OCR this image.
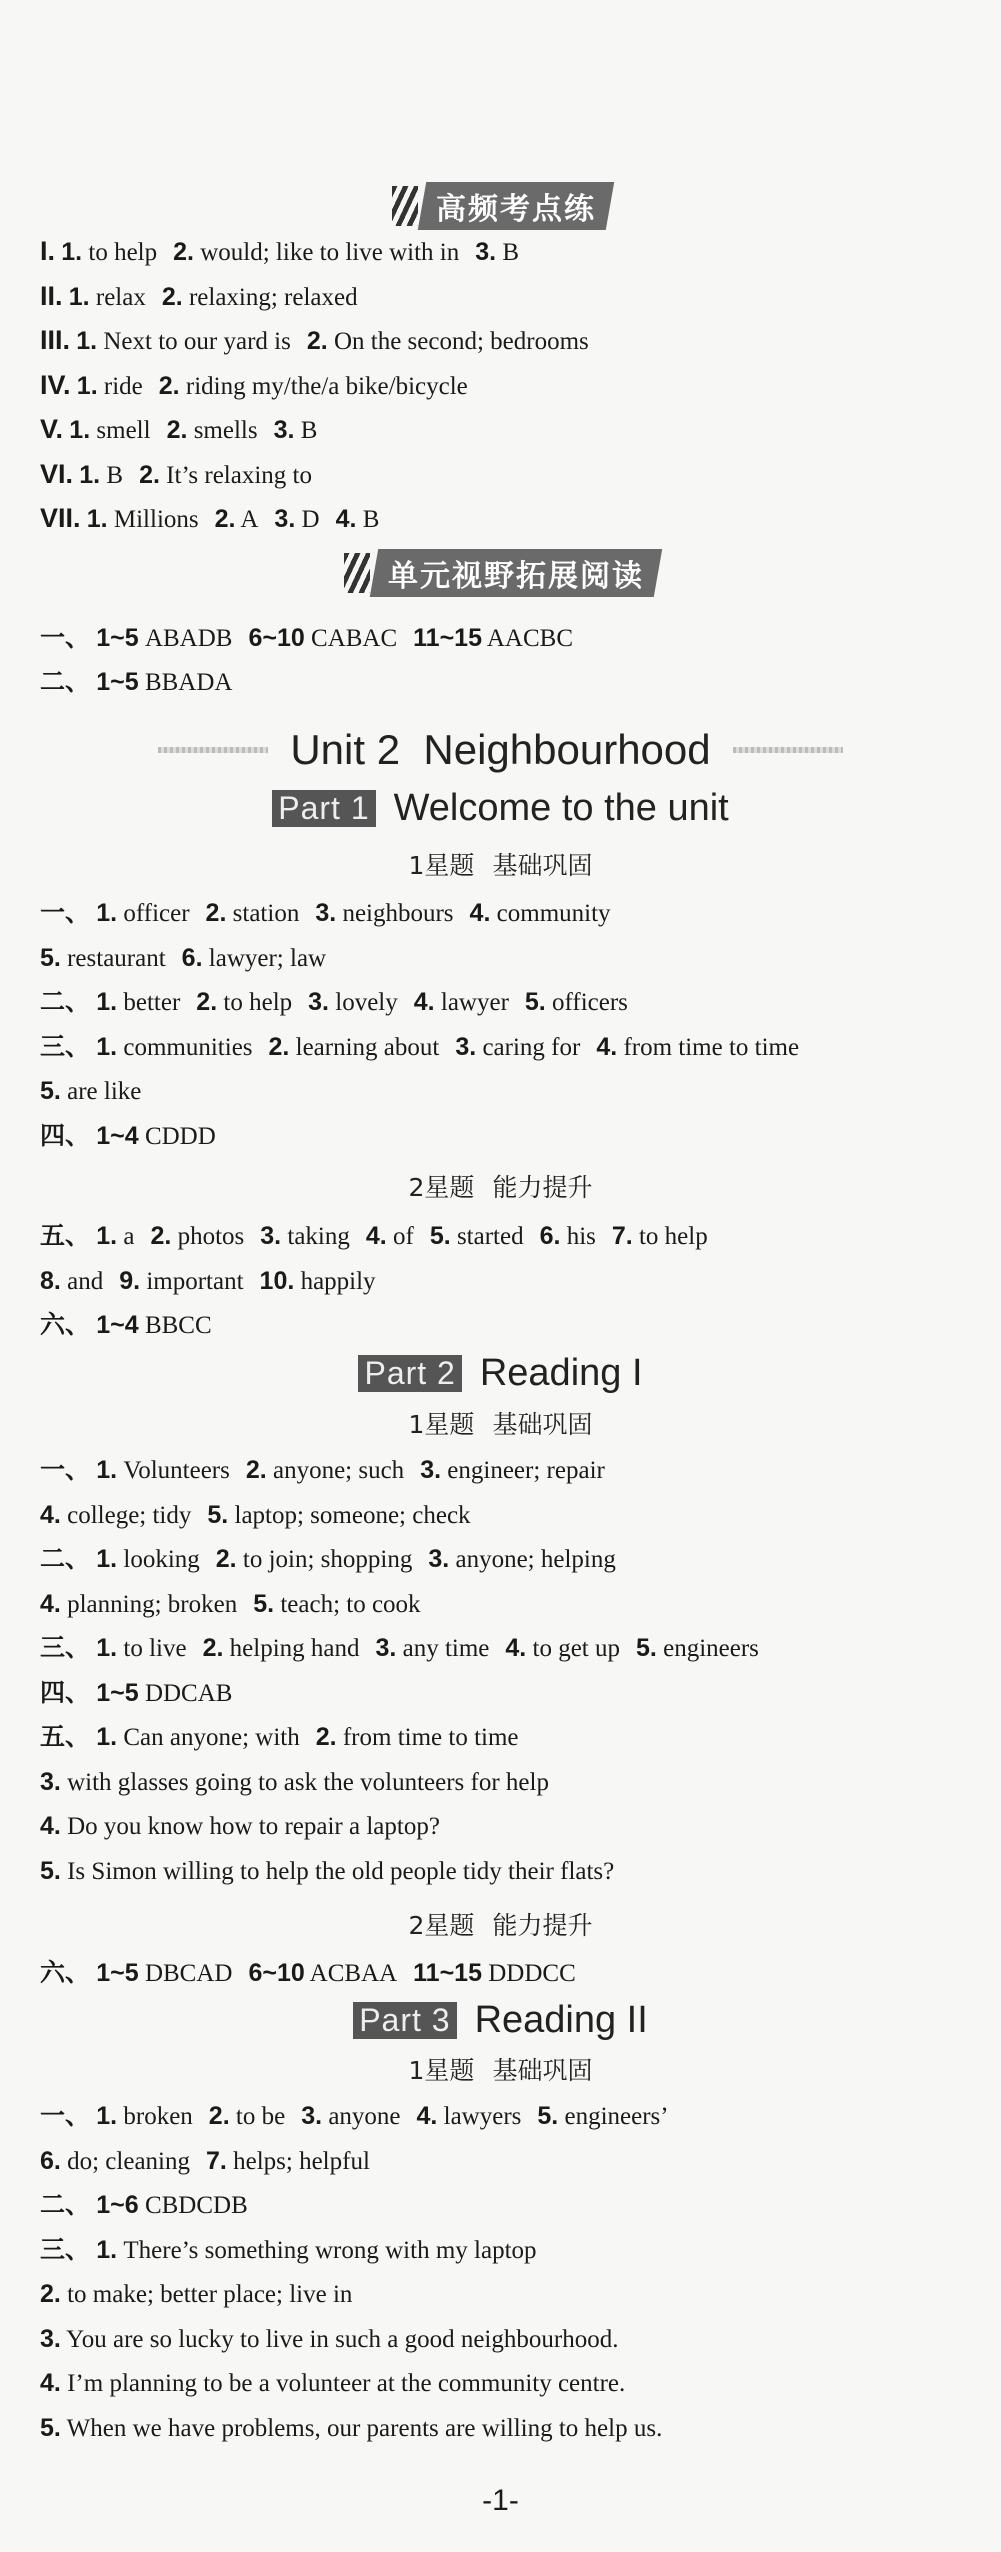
高频考点练
I. 1. to help 2. would; like to live with in 3. B
II. 1. relax 2. relaxing; relaxed
III. 1. Next to our yard is 2. On the second; bedrooms
IV. 1. ride 2. riding my/the/a bike/bicycle
V. 1. smell 2. smells 3. B
VI. 1. B 2. It’s relaxing to
VII. 1. Millions 2. A 3. D 4. B
单元视野拓展阅读
一、 1~5 ABADB 6~10 CABAC 11~15 AACBC
二、 1~5 BBADA
Unit 2  Neighbourhood
Part 1 Welcome to the unit
1星题 基础巩固
一、 1. officer 2. station 3. neighbours 4. community
5. restaurant 6. lawyer; law
二、 1. better 2. to help 3. lovely 4. lawyer 5. officers
三、 1. communities 2. learning about 3. caring for 4. from time to time
5. are like
四、 1~4 CDDD
2星题 能力提升
五、 1. a 2. photos 3. taking 4. of 5. started 6. his 7. to help
8. and 9. important 10. happily
六、 1~4 BBCC
Part 2 Reading I
1星题 基础巩固
一、 1. Volunteers 2. anyone; such 3. engineer; repair
4. college; tidy 5. laptop; someone; check
二、 1. looking 2. to join; shopping 3. anyone; helping
4. planning; broken 5. teach; to cook
三、 1. to live 2. helping hand 3. any time 4. to get up 5. engineers
四、 1~5 DDCAB
五、 1. Can anyone; with 2. from time to time
3. with glasses going to ask the volunteers for help
4. Do you know how to repair a laptop?
5. Is Simon willing to help the old people tidy their flats?
2星题 能力提升
六、 1~5 DBCAD 6~10 ACBAA 11~15 DDDCC
Part 3 Reading II
1星题 基础巩固
一、 1. broken 2. to be 3. anyone 4. lawyers 5. engineers’
6. do; cleaning 7. helps; helpful
二、 1~6 CBDCDB
三、 1. There’s something wrong with my laptop
2. to make; better place; live in
3. You are so lucky to live in such a good neighbourhood.
4. I’m planning to be a volunteer at the community centre.
5. When we have problems, our parents are willing to help us.
-1-
